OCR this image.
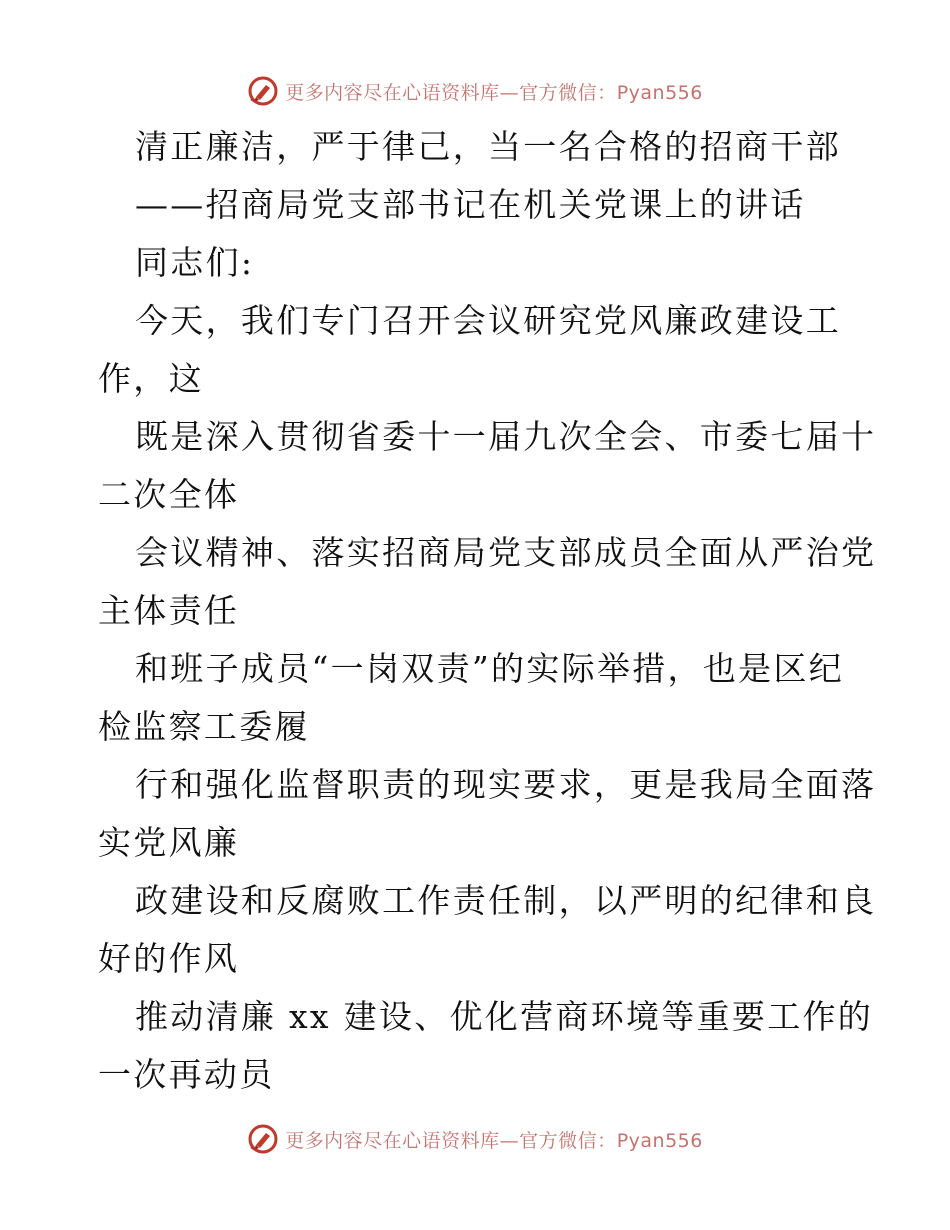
更多内容尽在心语资料库—官方微信：Pyan556
清正廉洁，严于律己，当一名合格的招商干部
——招商局党支部书记在机关党课上的讲话
同志们:
今天，我们专门召开会议研究党风廉政建设工
作，这
既是深入贯彻省委十一届九次全会、市委七届十
二次全体
会议精神、落实招商局党支部成员全面从严治党
主体责任
和班子成员“一岗双责”的实际举措，也是区纪
检监察工委履
行和强化监督职责的现实要求，更是我局全面落
实党风廉
政建设和反腐败工作责任制，以严明的纪律和良
好的作风
推动清廉 xx 建设、优化营商环境等重要工作的
一次再动员
更多内容尽在心语资料库—官方微信：Pyan556
